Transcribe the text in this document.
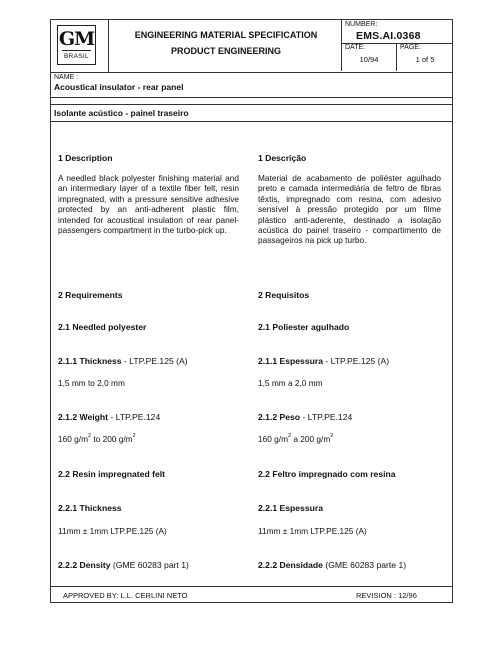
GM
BRASIL
ENGINEERING MATERIAL SPECIFICATION
PRODUCT ENGINEERING
NUMBER:
EMS.AI.0368
DATE:
10/94
PAGE:
1 of 5
NAME :
Acoustical insulator - rear panel
Isolante acústico - painel traseiro
1 Description
A needled black polyester finishing material and an intermediary layer of a textile fiber felt, resin impregnated, with a pressure sensitive adhesive protected by an anti-adherent plastic film, intended for acoustical insulation of rear panel-passengers compartment in the turbo-pick up.
2 Requirements
2.1 Needled polyester
2.1.1 Thickness - LTP.PE.125 (A)
1,5 mm to 2,0 mm
2.1.2 Weight - LTP.PE.124
160 $g/m^2$ to 200 $g/m^2$
2.2 Resin impregnated felt
2.2.1 Thickness
11mm ± 1mm LTP.PE.125 (A)
2.2.2 Density (GME 60283 part 1)
1 Descrição
Material de acabamento de poliéster agulhado preto e camada intermediária de feltro de fibras têxtis, impregnado com resina, com adesivo sensível à pressão protegido por um filme plástico anti-aderente, destinado a isolação acústica do painel traseiro - compartimento de passageiros na pick up turbo.
2 Requisitos
2.1 Poliester agulhado
2.1.1 Espessura - LTP.PE.125 (A)
1,5 mm a 2,0 mm
2.1.2 Peso - LTP.PE.124
160 $g/m^2$ a 200 $g/m^2$
2.2 Feltro impregnado com resina
2.2.1 Espessura
11mm ± 1mm LTP.PE.125 (A)
2.2.2 Densidade (GME 60283 parte 1)
APPROVED BY: L.L. CERLINI NETO	REVISION : 12/96
